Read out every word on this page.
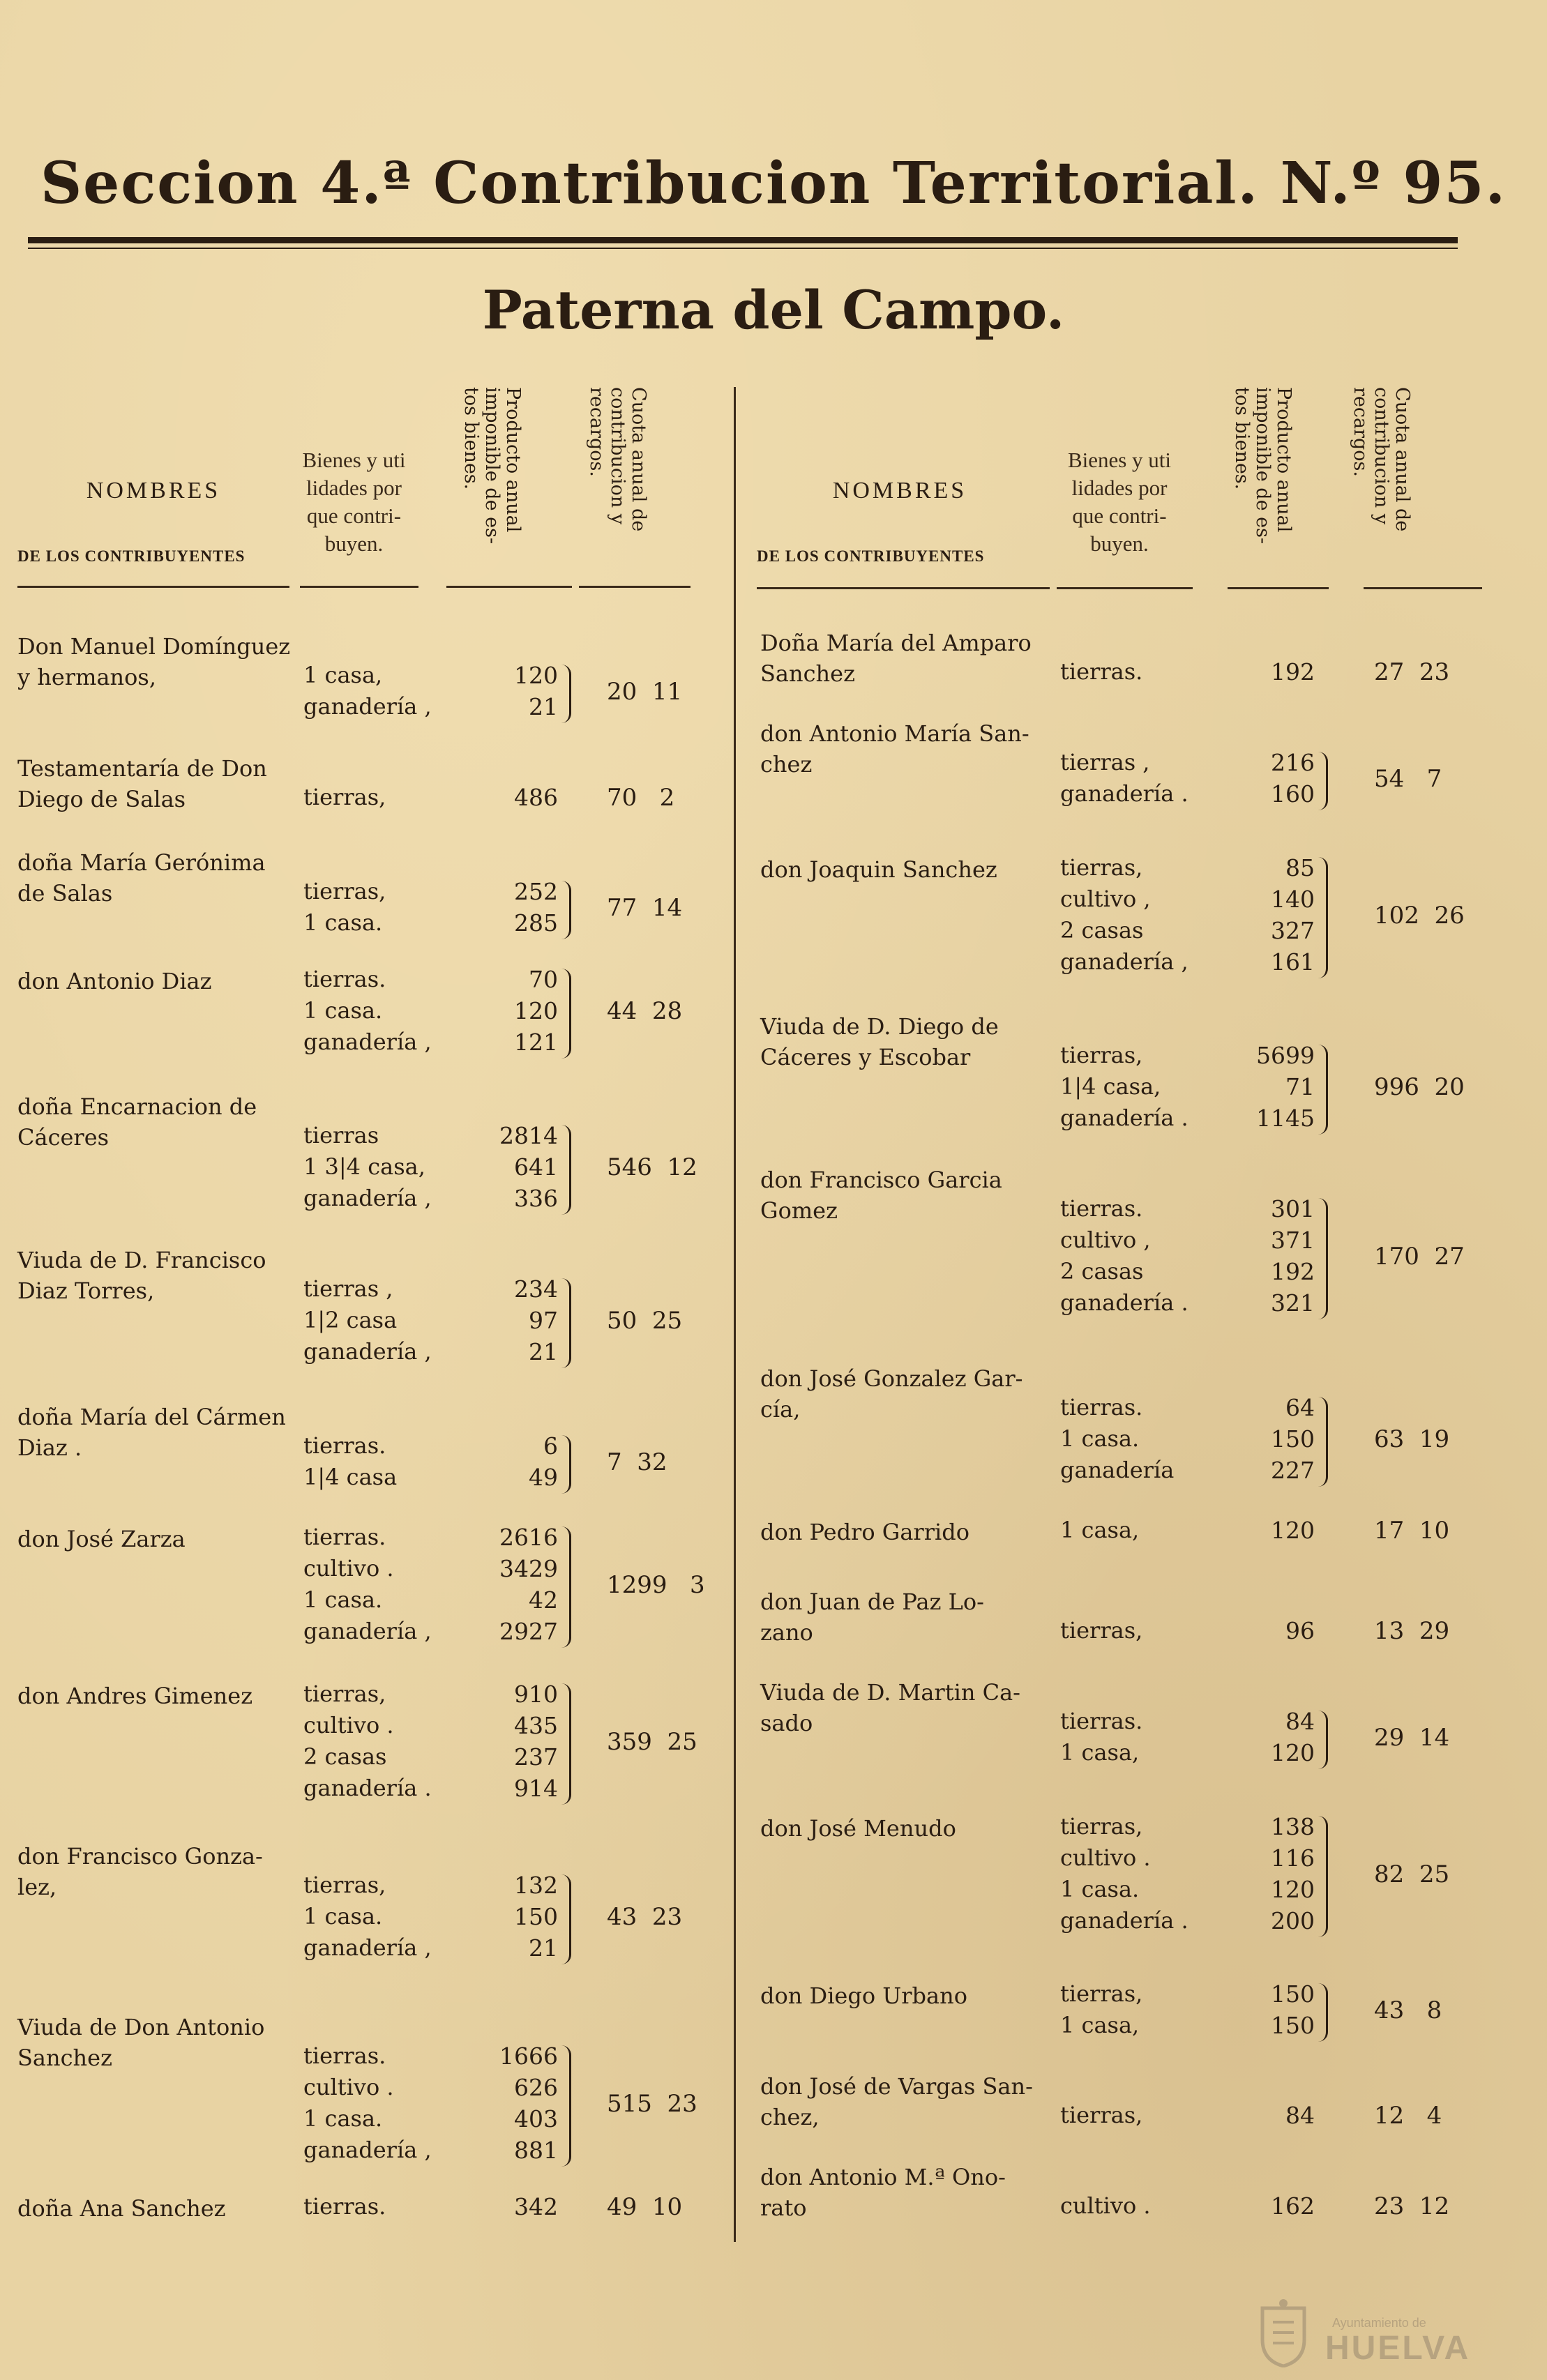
Seccion 4.ª Contribucion Territorial. N.º 95.
Paterna del Campo.
NOMBRES
DE LOS CONTRIBUYENTES
Bienes y uti
lidades por
que contri-
buyen.
Producto anual
imponible de es-
tos bienes.
Cuota anual de
contribucion y
recargos.
NOMBRES
DE LOS CONTRIBUYENTES
Bienes y uti
lidades por
que contri-
buyen.
Producto anual
imponible de es-
tos bienes.
Cuota anual de
contribucion y
recargos.
Don Manuel Domínguez
y hermanos,	1 casa,	120
ganadería ,	21
20  11
Testamentaría de Don
Diego de Salas	tierras,	486 70   2
doña María Gerónima
de Salas	tierras,	252
1 casa.	285
77  14
don Antonio Diaz	tierras.	70
1 casa.	120
ganadería ,	121
44  28
doña Encarnacion de
Cáceres	tierras	2814
1 3|4 casa,	641
ganadería ,	336
546  12
Viuda de D. Francisco
Diaz Torres,	tierras ,	234
1|2 casa	97
ganadería ,	21
50  25
doña María del Cármen
Diaz .	tierras.	6
1|4 casa	49
7  32
don José Zarza	tierras.	2616
cultivo .	3429
1 casa.	42
ganadería ,	2927
1299   3
don Andres Gimenez	tierras,	910
cultivo .	435
2 casas	237
ganadería .	914
359  25
don Francisco Gonza-
lez,	tierras,	132
1 casa.	150
ganadería ,	21
43  23
Viuda de Don Antonio
Sanchez	tierras.	1666
cultivo .	626
1 casa.	403
ganadería ,	881
515  23
doña Ana Sanchez	tierras.	342 49  10
Doña María del Amparo
Sanchez	tierras.	192	27  23
don Antonio María San-
chez	tierras ,	216
ganadería .	160
54   7
don Joaquin Sanchez	tierras,	85
cultivo ,	140
2 casas	327
ganadería ,	161
102  26
Viuda de D. Diego de
Cáceres y Escobar	tierras,	5699
1|4 casa,	71
ganadería .	1145
996  20
don Francisco Garcia
Gomez	tierras.	301
cultivo ,	371
2 casas	192
ganadería .	321
170  27
don José Gonzalez Gar-
cía,	tierras.	64
1 casa.	150
ganadería	227
63  19
don Pedro Garrido	1 casa,	120	17  10
don Juan de Paz Lo-
zano	tierras,	96	13  29
Viuda de D. Martin Ca-
sado	tierras.	84
1 casa,	120
29  14
don José Menudo	tierras,	138
cultivo .	116
1 casa.	120
ganadería .	200
82  25
don Diego Urbano	tierras,	150
1 casa,	150
43   8
don José de Vargas San-
chez,	tierras,	84	12   4
don Antonio M.ª Ono-
rato	cultivo .	162	23  12
Ayuntamiento de
HUELVA
